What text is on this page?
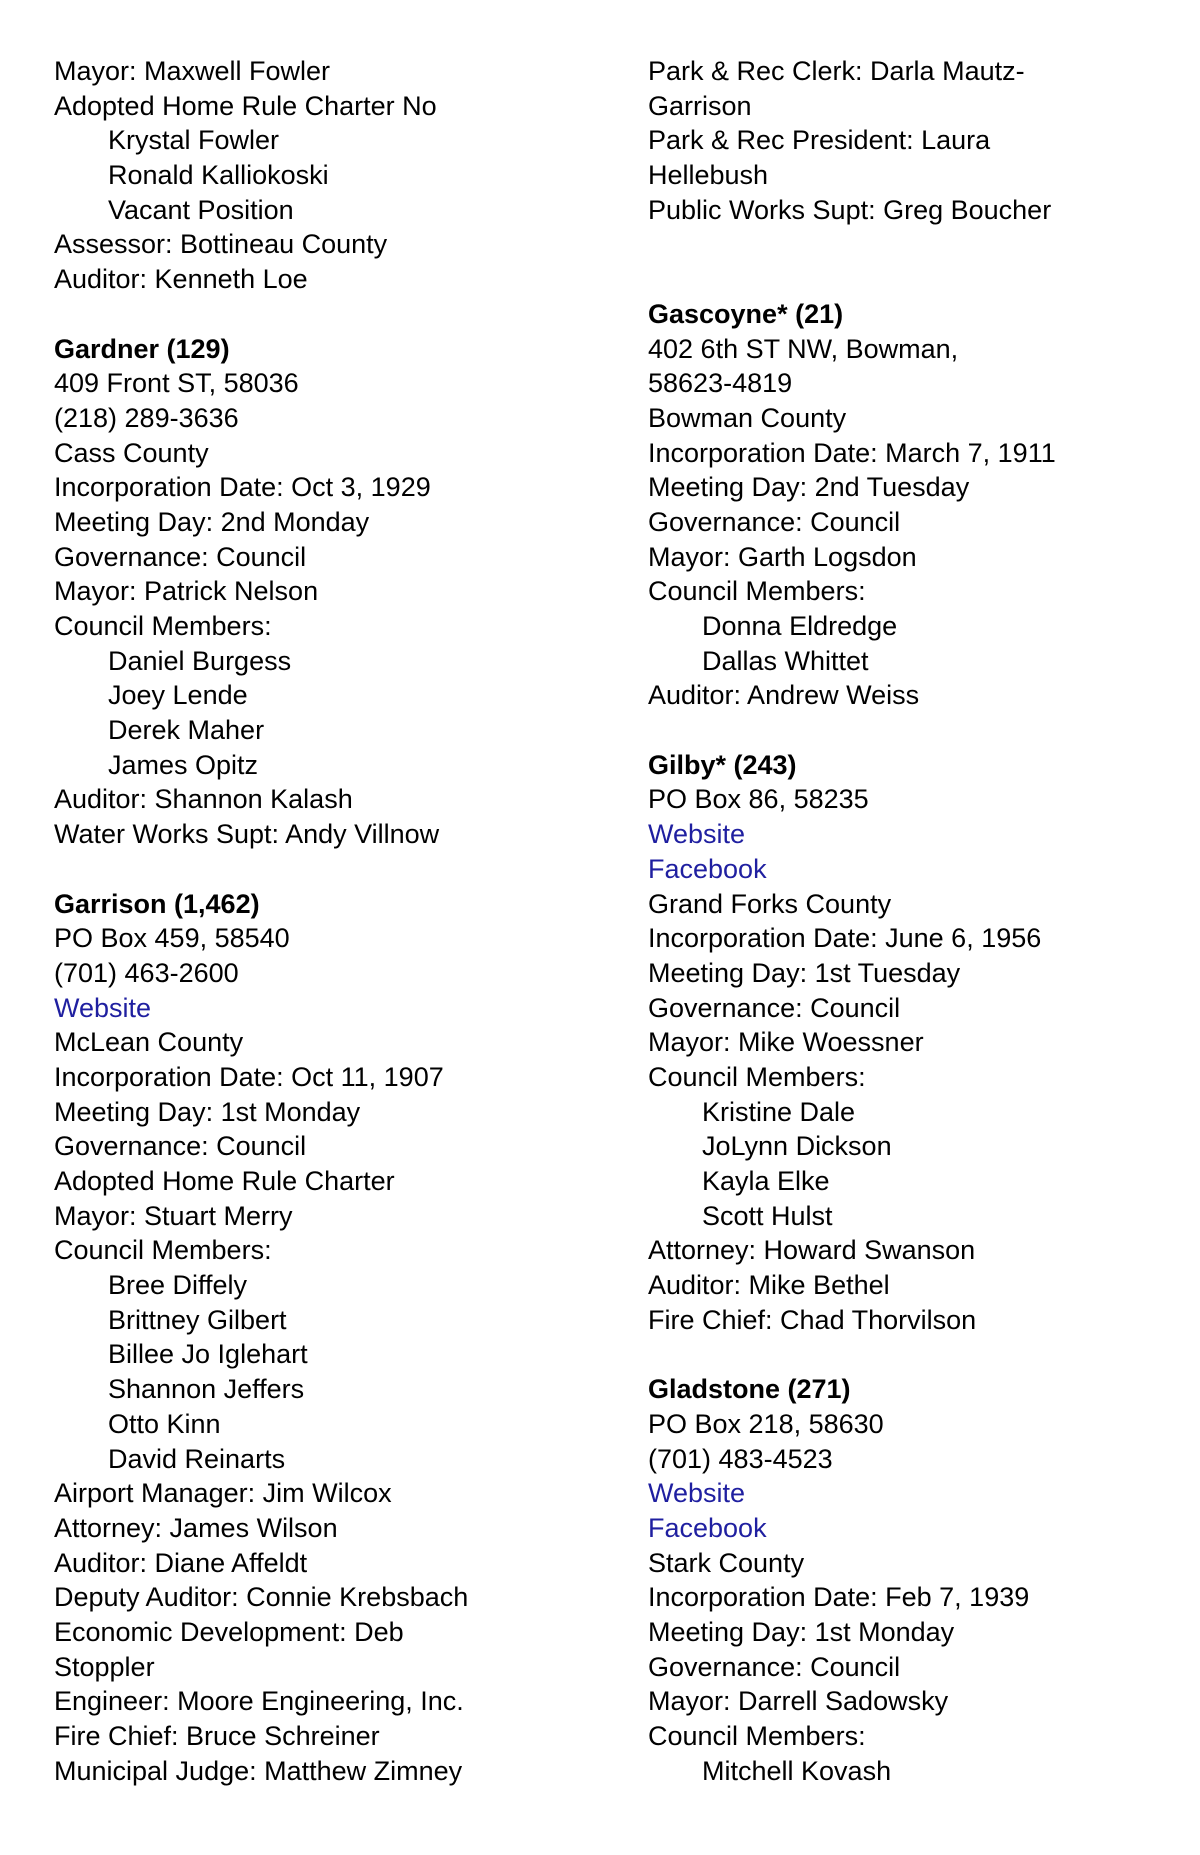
Mayor: Maxwell Fowler
Adopted Home Rule Charter No
Krystal Fowler
Ronald Kalliokoski
Vacant Position
Assessor: Bottineau County
Auditor: Kenneth Loe
Gardner (129)
409 Front ST, 58036
(218) 289-3636
Cass County
Incorporation Date: Oct 3, 1929
Meeting Day: 2nd Monday
Governance: Council
Mayor: Patrick Nelson
Council Members:
Daniel Burgess
Joey Lende
Derek Maher
James Opitz
Auditor: Shannon Kalash
Water Works Supt: Andy Villnow
Garrison (1,462)
PO Box 459, 58540
(701) 463-2600
Website
McLean County
Incorporation Date: Oct 11, 1907
Meeting Day: 1st Monday
Governance: Council
Adopted Home Rule Charter
Mayor: Stuart Merry
Council Members:
Bree Diffely
Brittney Gilbert
Billee Jo Iglehart
Shannon Jeffers
Otto Kinn
David Reinarts
Airport Manager: Jim Wilcox
Attorney: James Wilson
Auditor: Diane Affeldt
Deputy Auditor: Connie Krebsbach
Economic Development: Deb
Stoppler
Engineer: Moore Engineering, Inc.
Fire Chief: Bruce Schreiner
Municipal Judge: Matthew Zimney
Park & Rec Clerk: Darla Mautz-
Garrison
Park & Rec President: Laura
Hellebush
Public Works Supt: Greg Boucher
Gascoyne* (21)
402 6th ST NW, Bowman,
58623-4819
Bowman County
Incorporation Date: March 7, 1911
Meeting Day: 2nd Tuesday
Governance: Council
Mayor: Garth Logsdon
Council Members:
Donna Eldredge
Dallas Whittet
Auditor: Andrew Weiss
Gilby* (243)
PO Box 86, 58235
Website
Facebook
Grand Forks County
Incorporation Date: June 6, 1956
Meeting Day: 1st Tuesday
Governance: Council
Mayor: Mike Woessner
Council Members:
Kristine Dale
JoLynn Dickson
Kayla Elke
Scott Hulst
Attorney: Howard Swanson
Auditor: Mike Bethel
Fire Chief: Chad Thorvilson
Gladstone (271)
PO Box 218, 58630
(701) 483-4523
Website
Facebook
Stark County
Incorporation Date: Feb 7, 1939
Meeting Day: 1st Monday
Governance: Council
Mayor: Darrell Sadowsky
Council Members:
Mitchell Kovash
